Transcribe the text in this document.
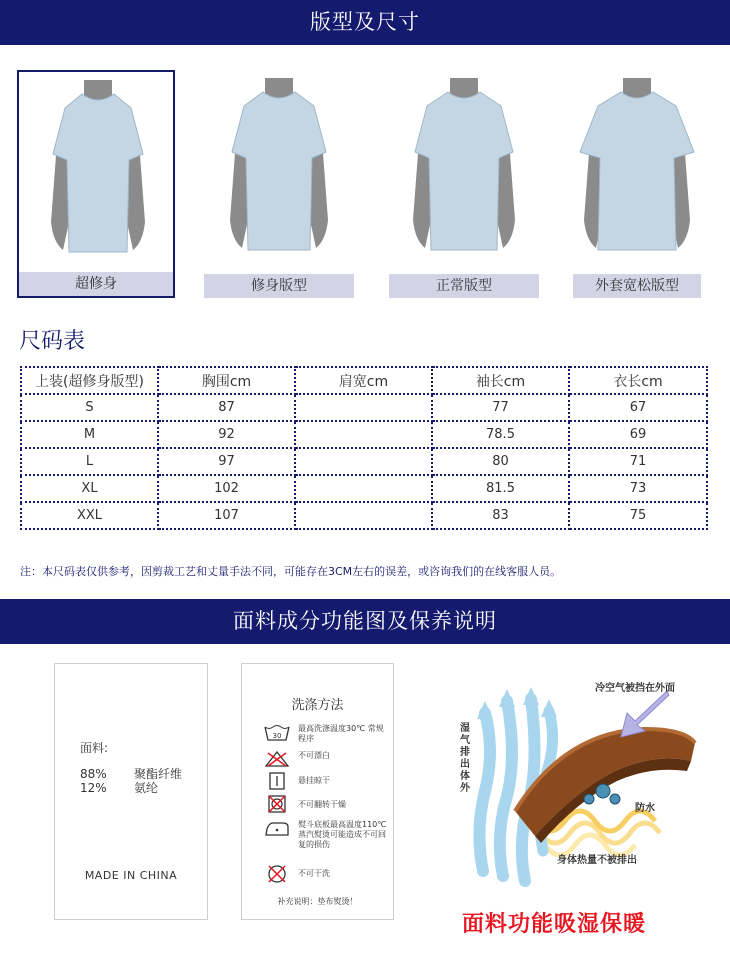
版型及尺寸
超修身	修身版型	正常版型	外套宽松版型
尺码表
上装(超修身版型)	胸围cm	肩宽cm	袖长cm	衣长cm
S	87		77	67
M	92		78.5	69
L	97		80	71
XL	102		81.5	73
XXL	107		83	75
注：本尺码表仅供参考，因剪裁工艺和丈量手法不同，可能存在3CM左右的误差，或咨询我们的在线客服人员。
面料成分功能图及保养说明
面料:
88% 聚酯纤维
12% 氨纶
MADE IN CHINA
洗涤方法
30
最高洗涤温度30℃ 常规程序
不可漂白
悬挂晾干
不可翻转干燥
熨斗底板最高温度110℃蒸汽熨烫可能造成不可回复的损伤
不可干洗
补充说明：垫布熨烫！
冷空气被挡在外面
湿气排出体外
防水
身体热量不被排出
面料功能吸湿保暖
